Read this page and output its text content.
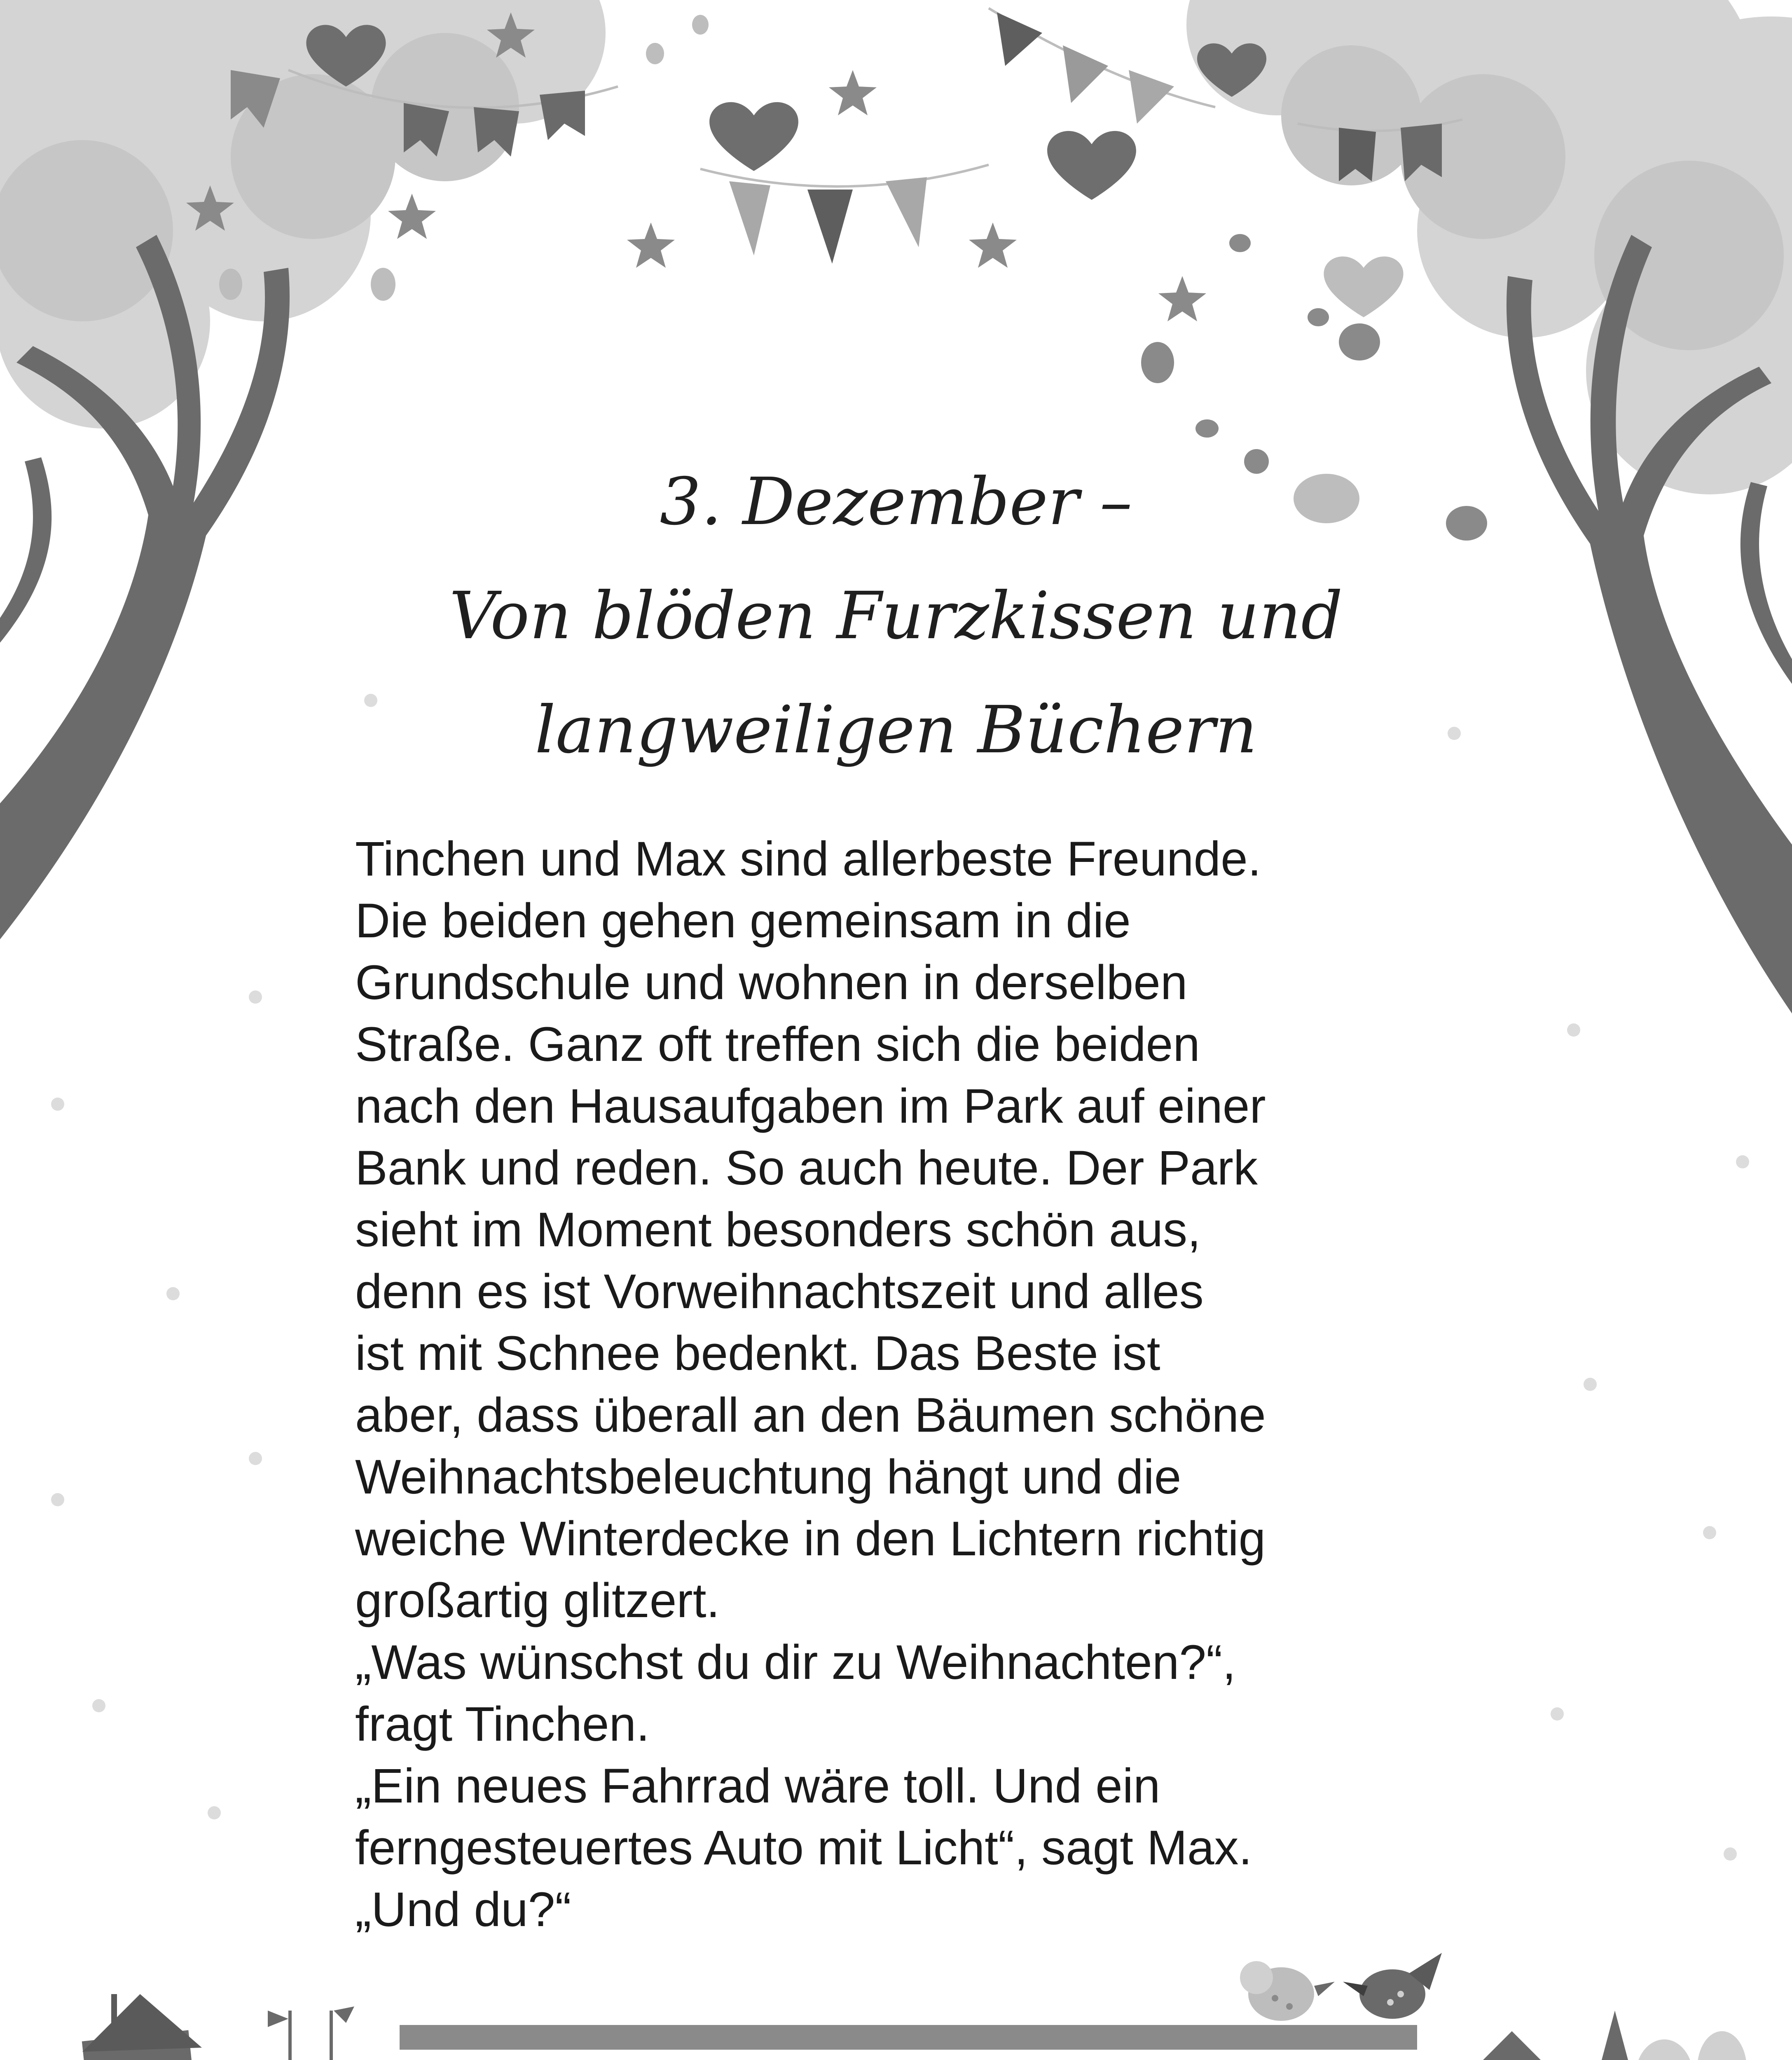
3. Dezember –
Von blöden Furzkissen und
langweiligen Büchern
Tinchen und Max sind allerbeste Freunde.
Die beiden gehen gemeinsam in die
Grundschule und wohnen in derselben
Straße. Ganz oft treffen sich die beiden
nach den Hausaufgaben im Park auf einer
Bank und reden. So auch heute. Der Park
sieht im Moment besonders schön aus,
denn es ist Vorweihnachtszeit und alles
ist mit Schnee bedenkt. Das Beste ist
aber, dass überall an den Bäumen schöne
Weihnachtsbeleuchtung hängt und die
weiche Winterdecke in den Lichtern richtig
großartig glitzert.
„Was wünschst du dir zu Weihnachten?“,
fragt Tinchen.
„Ein neues Fahrrad wäre toll. Und ein
ferngesteuertes Auto mit Licht“, sagt Max.
„Und du?“
